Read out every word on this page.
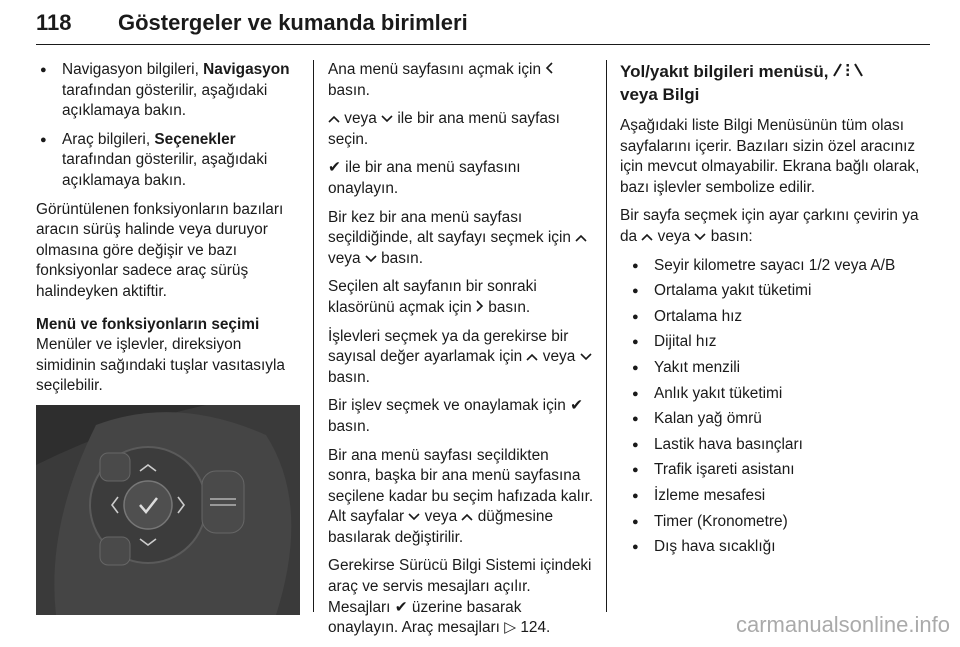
118 Göstergeler ve kumanda birimleri
● Navigasyon bilgileri, Navigasyon tarafından gösterilir, aşağıdaki açıklamaya bakın.
● Araç bilgileri, Seçenekler tarafından gösterilir, aşağıdaki açıklamaya bakın.

Görüntülenen fonksiyonların bazıları aracın sürüş halinde veya duruyor olmasına göre değişir ve bazı fonksiyonlar sadece araç sürüş halindeyken aktiftir.

Menü ve fonksiyonların seçimi

Menüler ve işlevler, direksiyon simidinin sağındaki tuşlar vasıtasıyla seçilebilir.

Ana menü sayfasını açmak için  basın.

veya  ile bir ana menü sayfası seçin.

✔ ile bir ana menü sayfasını onaylayın.

Bir kez bir ana menü sayfası seçildiğinde, alt sayfayı seçmek için  veya  basın.

Seçilen alt sayfanın bir sonraki klasörünü açmak için  basın.

İşlevleri seçmek ya da gerekirse bir sayısal değer ayarlamak için  veya  basın.

Bir işlev seçmek ve onaylamak için ✔ basın.

Bir ana menü sayfası seçildikten sonra, başka bir ana menü sayfasına seçilene kadar bu seçim hafızada kalır. Alt sayfalar  veya  düğmesine basılarak değiştirilir.

Gerekirse Sürücü Bilgi Sistemi içindeki araç ve servis mesajları açılır. Mesajları ✔ üzerine basarak onaylayın. Araç mesajları ▷ 124.

Yol/yakıt bilgileri menüsü,
veya Bilgi

Aşağıdaki liste Bilgi Menüsünün tüm olası sayfalarını içerir. Bazıları sizin özel aracınız için mevcut olmayabilir. Ekrana bağlı olarak, bazı işlevler sembolize edilir.

Bir sayfa seçmek için ayar çarkını çevirin ya da  veya  basın:

● Seyir kilometre sayacı 1/2 veya A/B
● Ortalama yakıt tüketimi
● Ortalama hız
● Dijital hız
● Yakıt menzili
● Anlık yakıt tüketimi
● Kalan yağ ömrü
● Lastik hava basınçları
● Trafik işareti asistanı
● İzleme mesafesi
● Timer (Kronometre)
● Dış hava sıcaklığı
carmanualsonline.info
